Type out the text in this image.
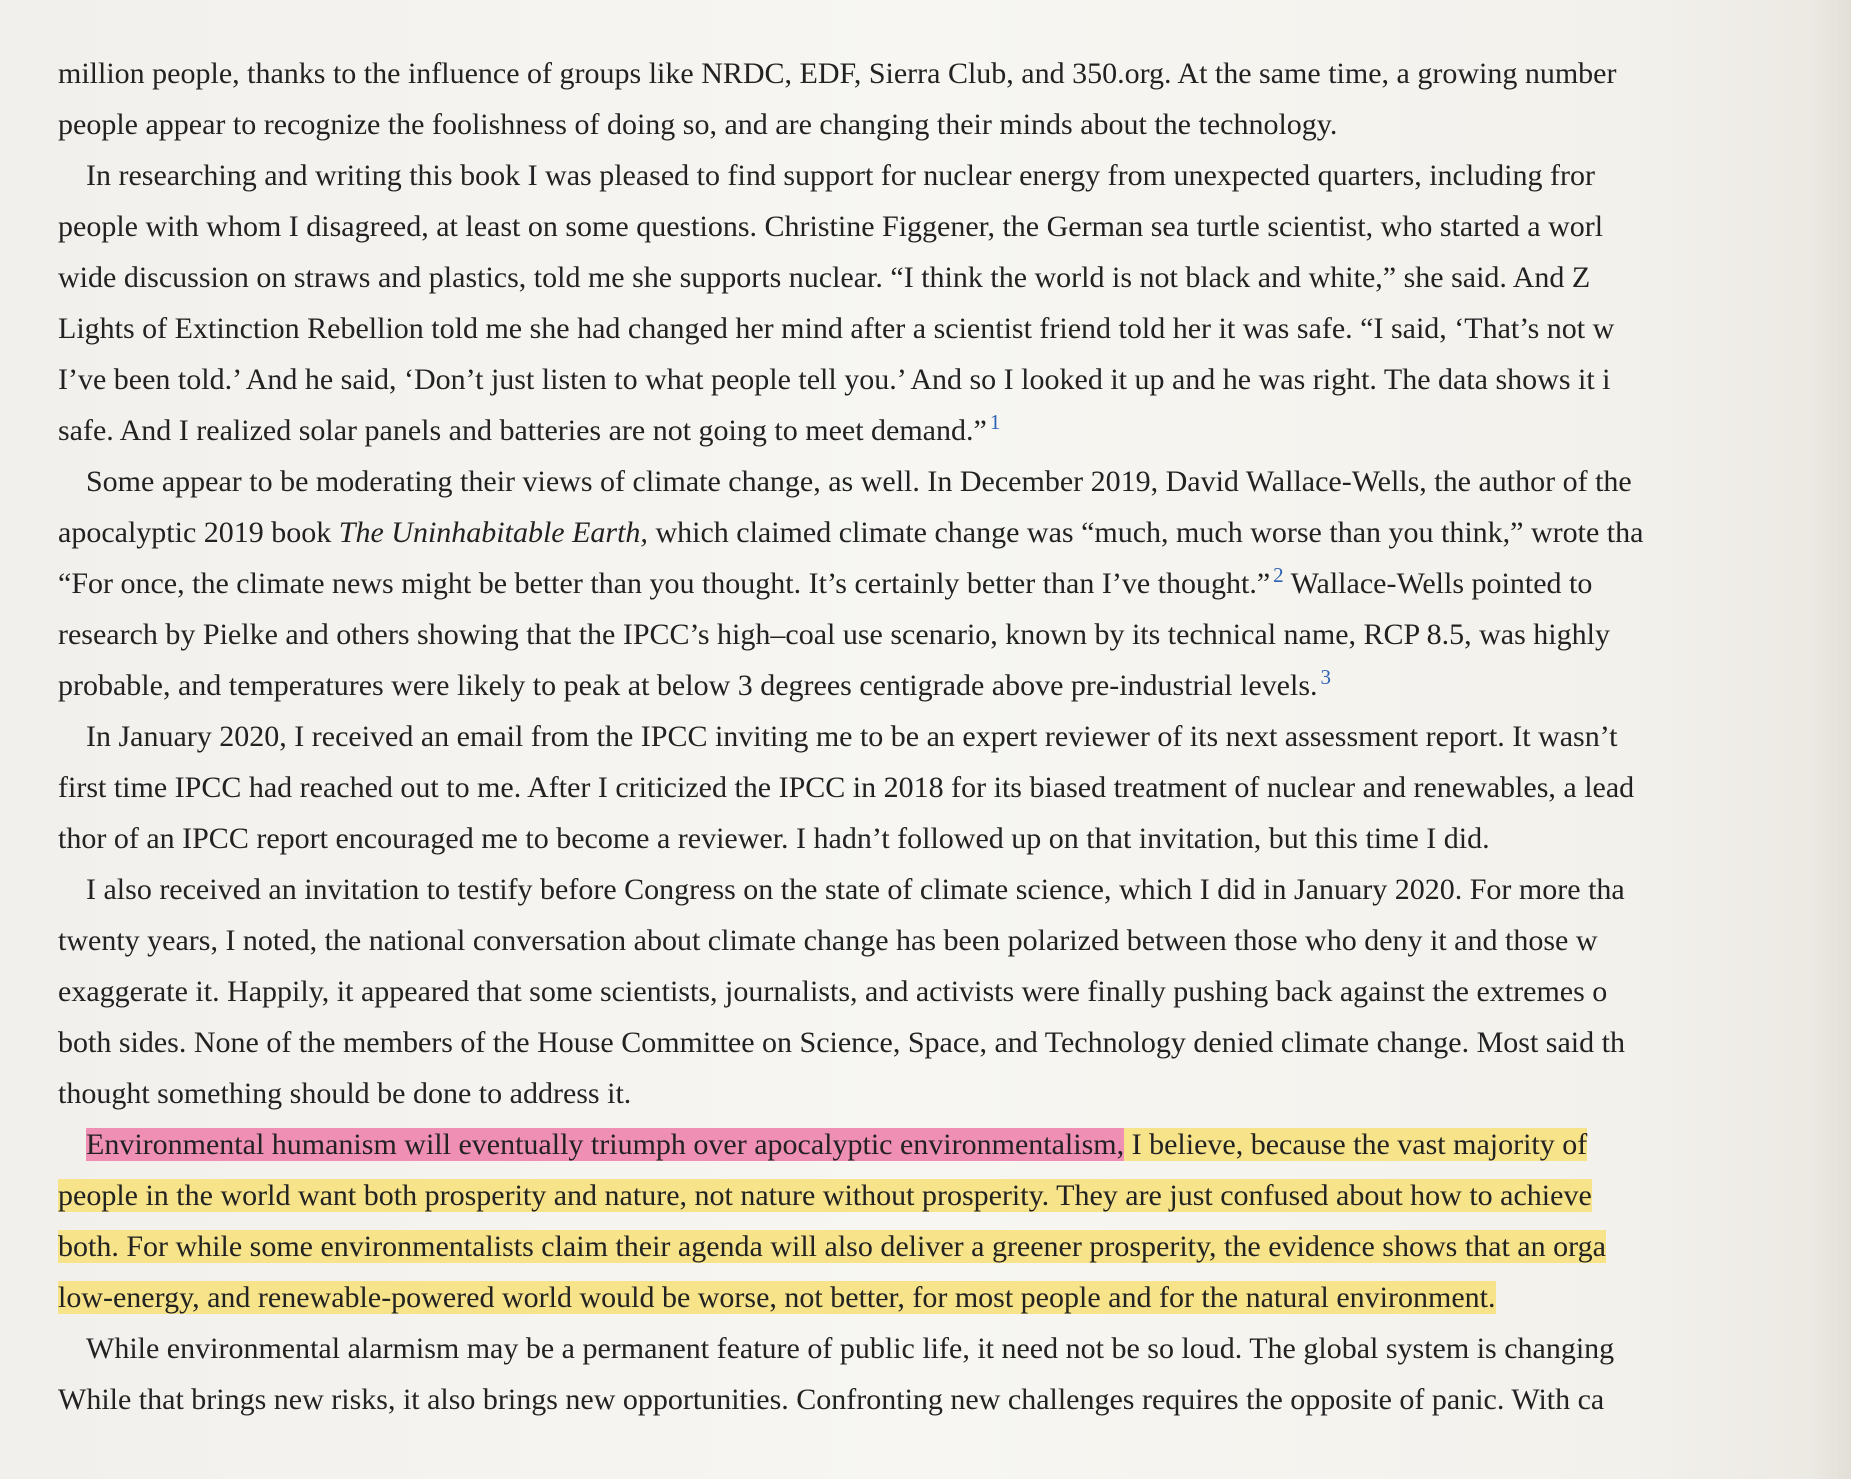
million people, thanks to the influence of groups like NRDC, EDF, Sierra Club, and 350.org. At the same time, a growing number
people appear to recognize the foolishness of doing so, and are changing their minds about the technology.
In researching and writing this book I was pleased to find support for nuclear energy from unexpected quarters, including fror
people with whom I disagreed, at least on some questions. Christine Figgener, the German sea turtle scientist, who started a worl
wide discussion on straws and plastics, told me she supports nuclear. “I think the world is not black and white,” she said. And Z
Lights of Extinction Rebellion told me she had changed her mind after a scientist friend told her it was safe. “I said, ‘That’s not w
I’ve been told.’ And he said, ‘Don’t just listen to what people tell you.’ And so I looked it up and he was right. The data shows it i
safe. And I realized solar panels and batteries are not going to meet demand.” $^1$
Some appear to be moderating their views of climate change, as well. In December 2019, David Wallace-Wells, the author of the
apocalyptic 2019 book The Uninhabitable Earth, which claimed climate change was “much, much worse than you think,” wrote tha
“For once, the climate news might be better than you thought. It’s certainly better than I’ve thought.” $^2$ Wallace-Wells pointed to
research by Pielke and others showing that the IPCC’s high–coal use scenario, known by its technical name, RCP 8.5, was highly
probable, and temperatures were likely to peak at below 3 degrees centigrade above pre-industrial levels. $^3$
In January 2020, I received an email from the IPCC inviting me to be an expert reviewer of its next assessment report. It wasn’t
first time IPCC had reached out to me. After I criticized the IPCC in 2018 for its biased treatment of nuclear and renewables, a lead
thor of an IPCC report encouraged me to become a reviewer. I hadn’t followed up on that invitation, but this time I did.
I also received an invitation to testify before Congress on the state of climate science, which I did in January 2020. For more tha
twenty years, I noted, the national conversation about climate change has been polarized between those who deny it and those w
exaggerate it. Happily, it appeared that some scientists, journalists, and activists were finally pushing back against the extremes o
both sides. None of the members of the House Committee on Science, Space, and Technology denied climate change. Most said th
thought something should be done to address it.
Environmental humanism will eventually triumph over apocalyptic environmentalism, I believe, because the vast majority of
people in the world want both prosperity and nature, not nature without prosperity. They are just confused about how to achieve
both. For while some environmentalists claim their agenda will also deliver a greener prosperity, the evidence shows that an orga
low-energy, and renewable-powered world would be worse, not better, for most people and for the natural environment.
While environmental alarmism may be a permanent feature of public life, it need not be so loud. The global system is changing
While that brings new risks, it also brings new opportunities. Confronting new challenges requires the opposite of panic. With ca
